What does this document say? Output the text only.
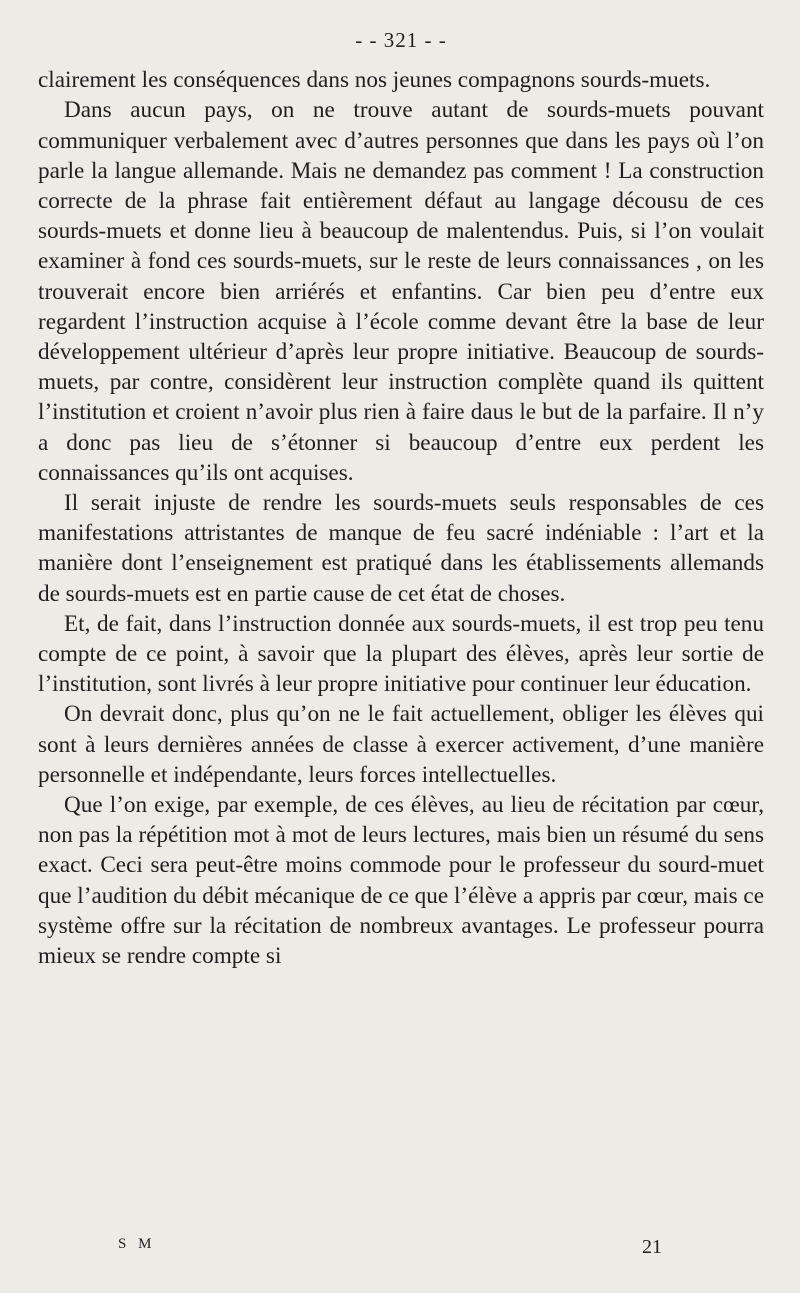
- - 321 - -

clairement les conséquences dans nos jeunes compagnons sourds-muets.

Dans aucun pays, on ne trouve autant de sourds-muets pouvant communiquer verbalement avec d’autres personnes que dans les pays où l’on parle la langue allemande. Mais ne demandez pas comment ! La construction correcte de la phrase fait entièrement défaut au langage décousu de ces sourds-muets et donne lieu à beaucoup de malentendus. Puis, si l’on voulait examiner à fond ces sourds-muets, sur le reste de leurs connaissances , on les trouverait encore bien arriérés et enfantins. Car bien peu d’entre eux regardent l’instruction acquise à l’école comme devant être la base de leur développement ultérieur d’après leur propre initiative. Beaucoup de sourds-muets, par contre, considèrent leur instruction complète quand ils quittent l’institution et croient n’avoir plus rien à faire daus le but de la parfaire. Il n’y a donc pas lieu de s’étonner si beaucoup d’entre eux perdent les connaissances qu’ils ont acquises.

Il serait injuste de rendre les sourds-muets seuls responsables de ces manifestations attristantes de manque de feu sacré indéniable : l’art et la manière dont l’enseignement est pratiqué dans les établissements allemands de sourds-muets est en partie cause de cet état de choses.

Et, de fait, dans l’instruction donnée aux sourds-muets, il est trop peu tenu compte de ce point, à savoir que la plupart des élèves, après leur sortie de l’institution, sont livrés à leur propre initiative pour continuer leur éducation.

On devrait donc, plus qu’on ne le fait actuellement, obliger les élèves qui sont à leurs dernières années de classe à exercer activement, d’une manière personnelle et indépendante, leurs forces intellectuelles.

Que l’on exige, par exemple, de ces élèves, au lieu de récitation par cœur, non pas la répétition mot à mot de leurs lectures, mais bien un résumé du sens exact. Ceci sera peut-être moins commode pour le professeur du sourd-muet que l’audition du débit mécanique de ce que l’élève a appris par cœur, mais ce système offre sur la récitation de nombreux avantages. Le professeur pourra mieux se rendre compte si

S M	21
